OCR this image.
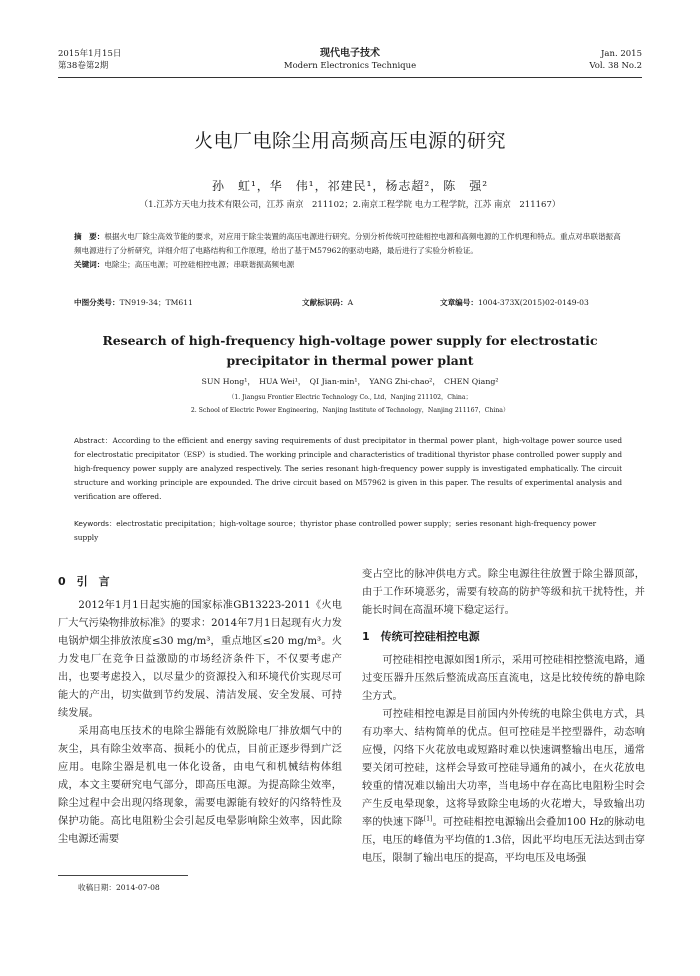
2015年1月15日
第38卷第2期
现代电子技术
Modern Electronics Technique
Jan. 2015
Vol. 38 No.2
火电厂电除尘用高频高压电源的研究
孙　虹¹，华　伟¹，祁建民¹，杨志超²，陈　强²
（1.江苏方天电力技术有限公司，江苏 南京　211102；2.南京工程学院 电力工程学院，江苏 南京　211167）
摘　要：根据火电厂除尘高效节能的要求，对应用于除尘装置的高压电源进行研究。分别分析传统可控硅相控电源和高频电源的工作机理和特点。重点对串联谐振高频电源进行了分析研究，详细介绍了电路结构和工作原理，给出了基于M57962的驱动电路，最后进行了实验分析验证。
关键词：电除尘；高压电源；可控硅相控电源；串联谐振高频电源
中图分类号：TN919-34；TM611	文献标识码：A	文章编号：1004-373X(2015)02-0149-03
Research of high-frequency high-voltage power supply for electrostatic precipitator in thermal power plant
SUN Hong¹，　HUA Wei¹，　QI Jian-min¹，　YANG Zhi-chao²，　CHEN Qiang²
（1. Jiangsu Frontier Electric Technology Co., Ltd，Nanjing 211102，China；
2. School of Electric Power Engineering，Nanjing Institute of Technology，Nanjing 211167，China）
Abstract：According to the efficient and energy saving requirements of dust precipitator in thermal power plant，high-voltage power source used for electrostatic precipitator（ESP）is studied. The working principle and characteristics of traditional thyristor phase controlled power supply and high-frequency power supply are analyzed respectively. The series resonant high-frequency power supply is investigated emphatically. The circuit structure and working principle are expounded. The drive circuit based on M57962 is given in this paper. The results of experimental analysis and verification are offered.
Keywords：electrostatic precipitation；high-voltage source；thyristor phase controlled power supply；series resonant high-frequency power supply
0　引　言

2012年1月1日起实施的国家标准GB13223-2011《火电厂大气污染物排放标准》的要求：2014年7月1日起现有火力发电锅炉烟尘排放浓度≤30 mg/m³，重点地区≤20 mg/m³。火力发电厂在竞争日益激励的市场经济条件下，不仅要考虑产出，也要考虑投入，以尽量少的资源投入和环境代价实现尽可能大的产出，切实做到节约发展、清洁发展、安全发展、可持续发展。

采用高电压技术的电除尘器能有效脱除电厂排放烟气中的灰尘，具有除尘效率高、损耗小的优点，目前正逐步得到广泛应用。电除尘器是机电一体化设备，由电气和机械结构体组成，本文主要研究电气部分，即高压电源。为提高除尘效率，除尘过程中会出现闪络现象，需要电源能有较好的闪络特性及保护功能。高比电阻粉尘会引起反电晕影响除尘效率，因此除尘电源还需要

变占空比的脉冲供电方式。除尘电源往往放置于除尘器顶部，由于工作环境恶劣，需要有较高的防护等级和抗干扰特性，并能长时间在高温环境下稳定运行。

1　传统可控硅相控电源

可控硅相控电源如图1所示，采用可控硅相控整流电路，通过变压器升压然后整流成高压直流电，这是比较传统的静电除尘方式。

可控硅相控电源是目前国内外传统的电除尘供电方式，具有功率大、结构简单的优点。但可控硅是半控型器件，动态响应慢，闪络下火花放电或短路时难以快速调整输出电压，通常要关闭可控硅，这样会导致可控硅导通角的减小，在火花放电较重的情况难以输出大功率，当电场中存在高比电阻粉尘时会产生反电晕现象，这将导致除尘电场的火花增大，导致输出功率的快速下降[1]。可控硅相控电源输出会叠加100 Hz的脉动电压，电压的峰值为平均值的1.3倍，因此平均电压无法达到击穿电压，限制了输出电压的提高，平均电压及电场强

收稿日期：2014-07-08
